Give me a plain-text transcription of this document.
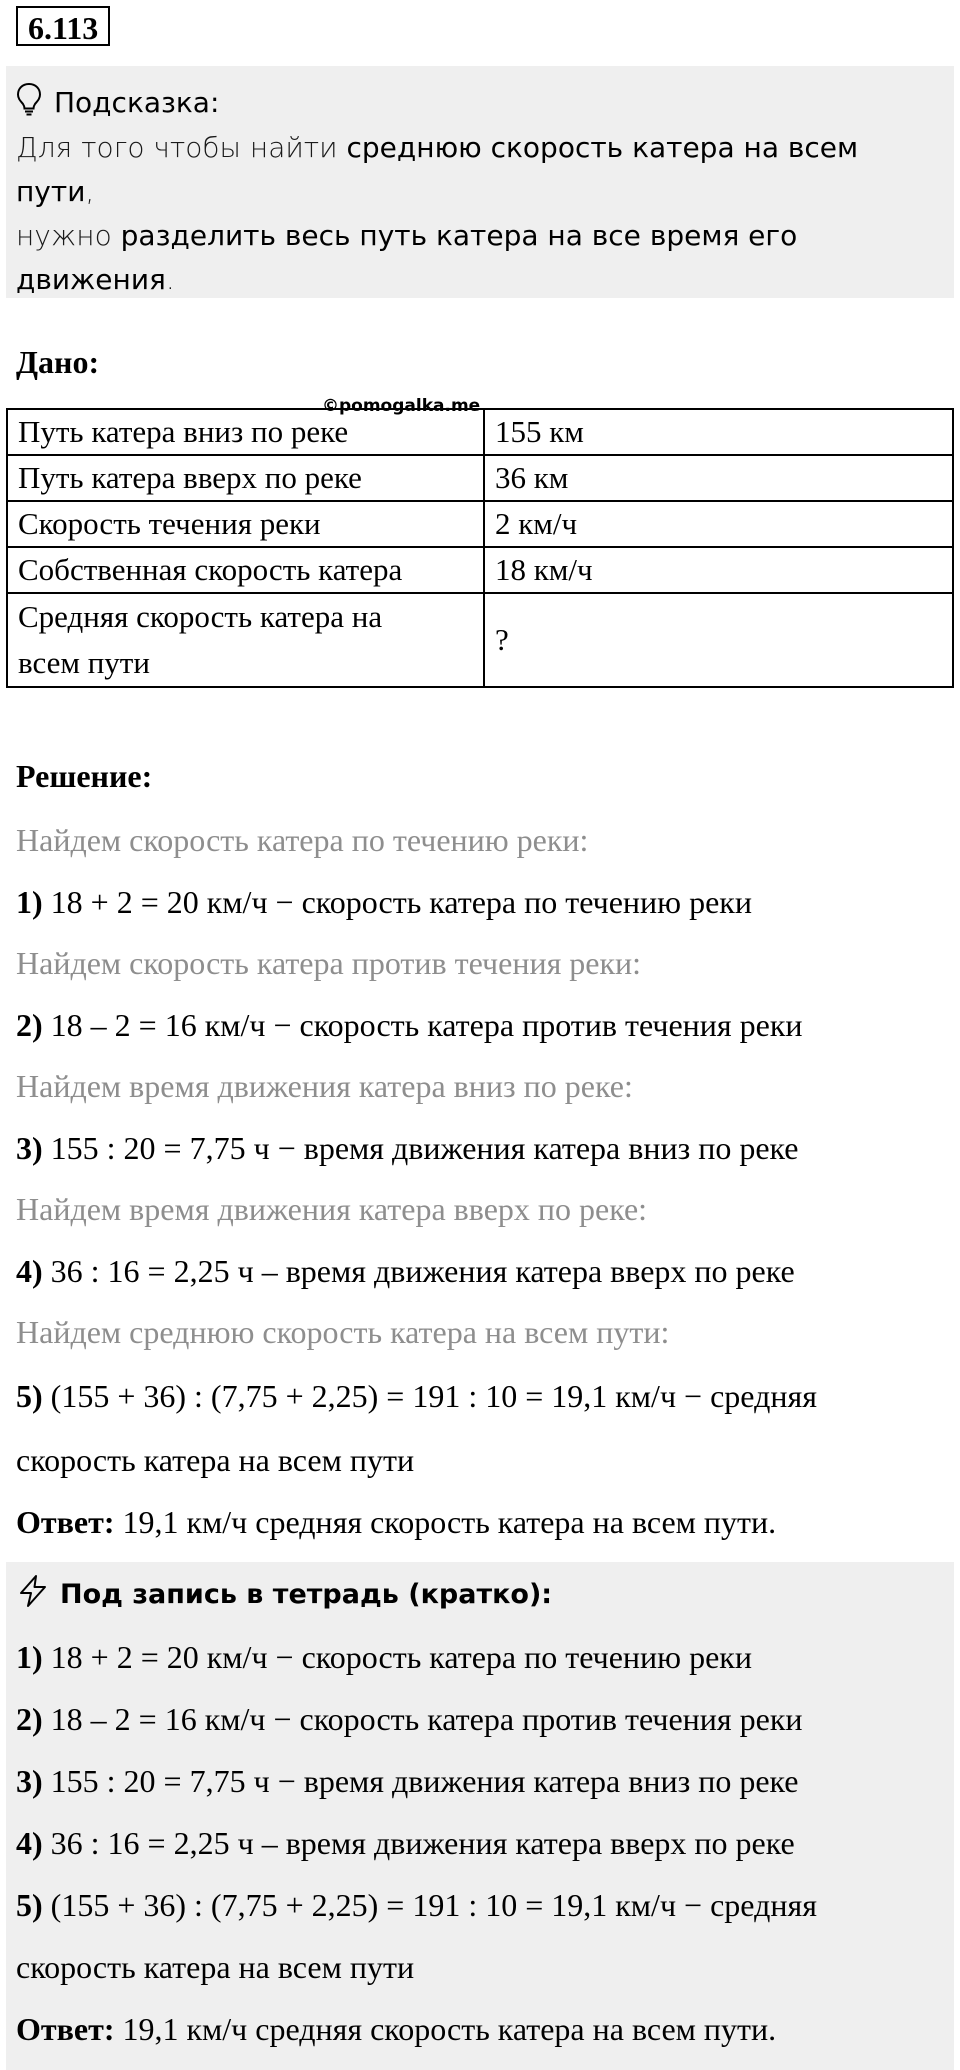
6.113
Подсказка:
Для того чтобы найти среднюю скорость катера на всем пути,
нужно разделить весь путь катера на все время его движения.
Дано:
©pomogalka.me
Путь катера вниз по реке	155 км
Путь катера вверх по реке	36 км
Скорость течения реки	2 км/ч
Собственная скорость катера	18 км/ч
Средняя скорость катера на
всем пути	?
Решение:
Найдем скорость катера по течению реки:
1) 18 + 2 = 20 км/ч − скорость катера по течению реки
Найдем скорость катера против течения реки:
2) 18 – 2 = 16 км/ч − скорость катера против течения реки
Найдем время движения катера вниз по реке:
3) 155 : 20 = 7,75 ч − время движения катера вниз по реке
Найдем время движения катера вверх по реке:
4) 36 : 16 = 2,25 ч – время движения катера вверх по реке
Найдем среднюю скорость катера на всем пути:
5) (155 + 36) : (7,75 + 2,25) = 191 : 10 = 19,1 км/ч − средняя
скорость катера на всем пути
Ответ: 19,1 км/ч средняя скорость катера на всем пути.
Под запись в тетрадь (кратко):
1) 18 + 2 = 20 км/ч − скорость катера по течению реки
2) 18 – 2 = 16 км/ч − скорость катера против течения реки
3) 155 : 20 = 7,75 ч − время движения катера вниз по реке
4) 36 : 16 = 2,25 ч – время движения катера вверх по реке
5) (155 + 36) : (7,75 + 2,25) = 191 : 10 = 19,1 км/ч − средняя
скорость катера на всем пути
Ответ: 19,1 км/ч средняя скорость катера на всем пути.
